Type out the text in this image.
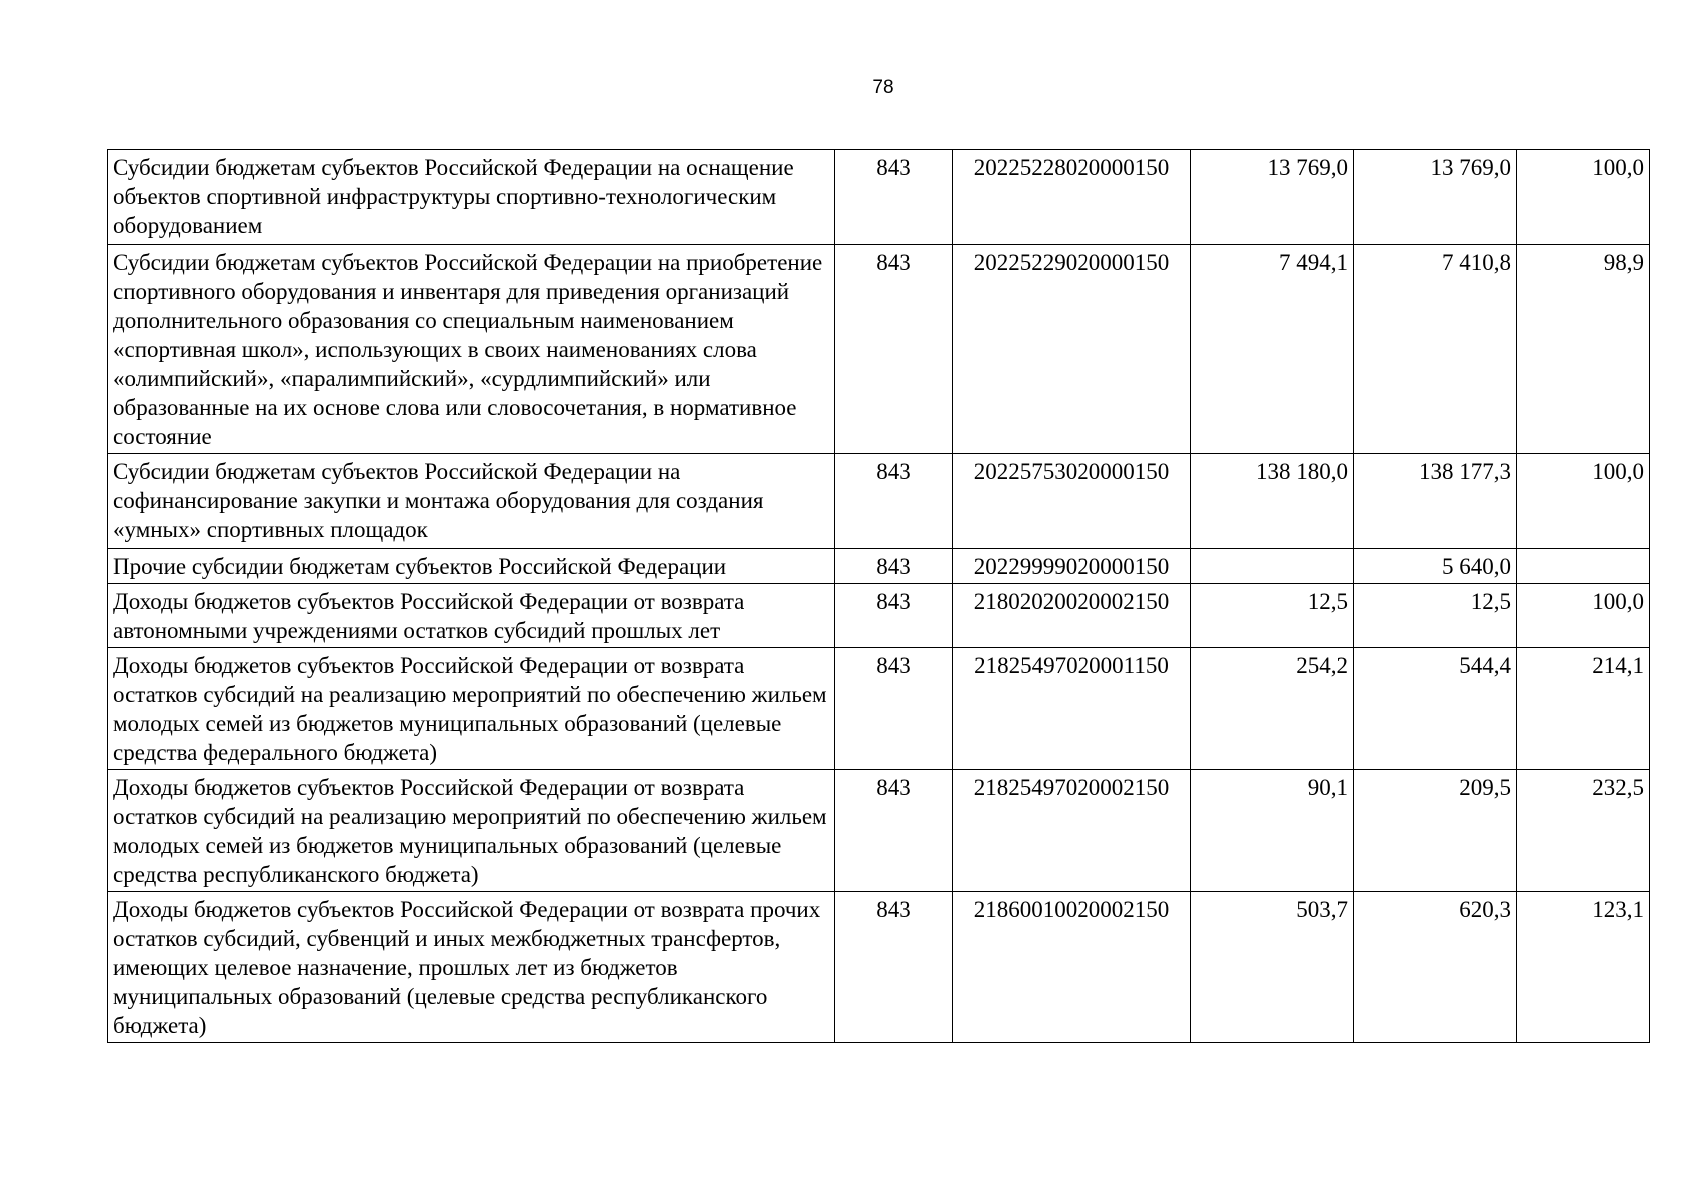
78
Субсидии бюджетам субъектов Российской Федерации на оснащение объектов спортивной инфраструктуры спортивно-технологическим оборудованием	843	20225228020000150	13 769,0	13 769,0	100,0
Субсидии бюджетам субъектов Российской Федерации на приобретение спортивного оборудования и инвентаря для приведения организаций дополнительного образования со специальным наименованием «спортивная школ», использующих в своих наименованиях слова «олимпийский», «паралимпийский», «сурдлимпийский» или образованные на их основе слова или словосочетания, в нормативное состояние	843	20225229020000150	7 494,1	7 410,8	98,9
Субсидии бюджетам субъектов Российской Федерации на софинансирование закупки и монтажа оборудования для создания «умных» спортивных площадок	843	20225753020000150	138 180,0	138 177,3	100,0
Прочие субсидии бюджетам субъектов Российской Федерации	843	20229999020000150		5 640,0	
Доходы бюджетов субъектов Российской Федерации от возврата автономными учреждениями остатков субсидий прошлых лет	843	21802020020002150	12,5	12,5	100,0
Доходы бюджетов субъектов Российской Федерации от возврата остатков субсидий на реализацию мероприятий по обеспечению жильем молодых семей из бюджетов муниципальных образований (целевые средства федерального бюджета)	843	21825497020001150	254,2	544,4	214,1
Доходы бюджетов субъектов Российской Федерации от возврата остатков субсидий на реализацию мероприятий по обеспечению жильем молодых семей из бюджетов муниципальных образований (целевые средства республиканского бюджета)	843	21825497020002150	90,1	209,5	232,5
Доходы бюджетов субъектов Российской Федерации от возврата прочих остатков субсидий, субвенций и иных межбюджетных трансфертов, имеющих целевое назначение, прошлых лет из бюджетов муниципальных образований (целевые средства республиканского бюджета)	843	21860010020002150	503,7	620,3	123,1
